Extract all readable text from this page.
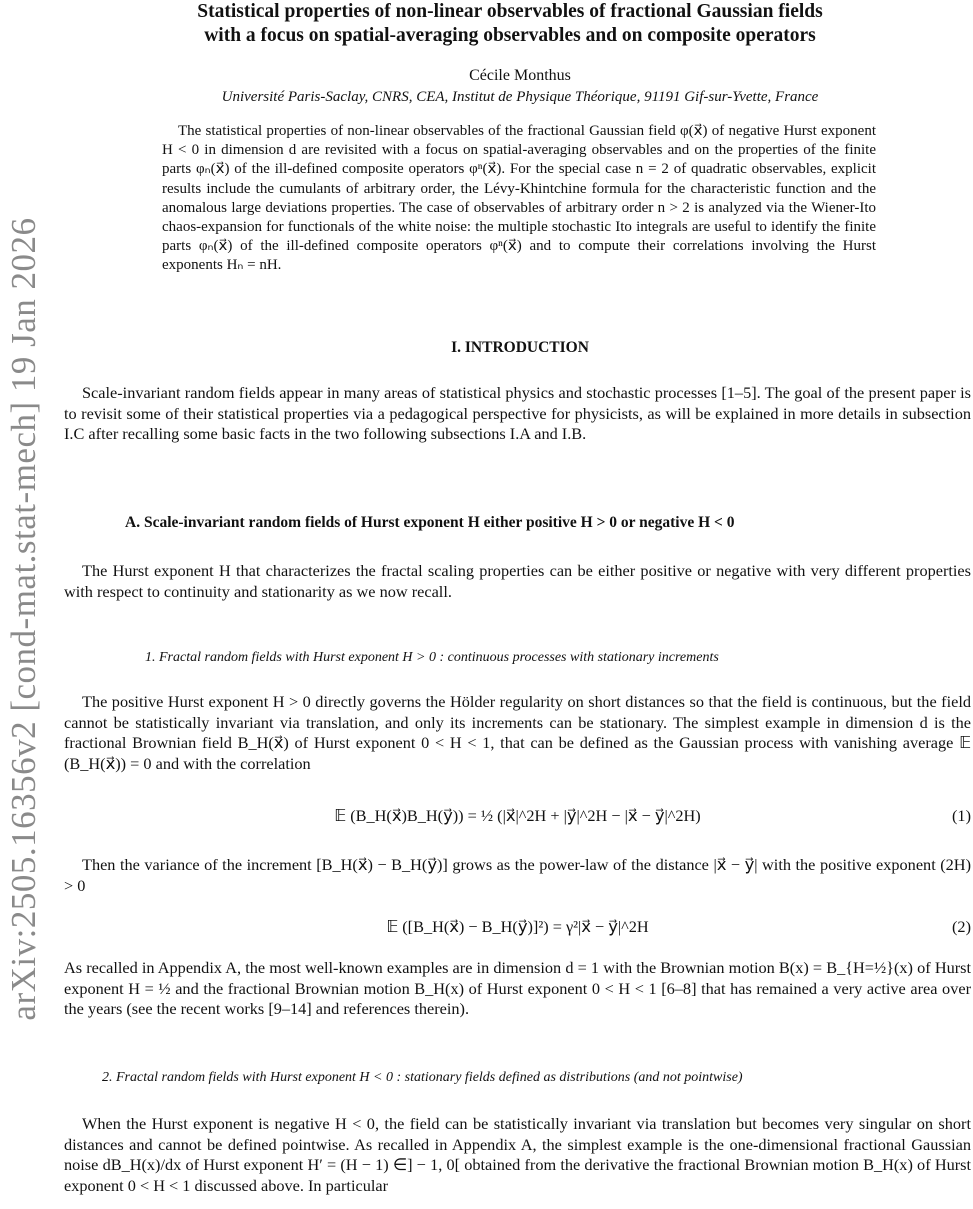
arXiv:2505.16356v2 [cond-mat.stat-mech] 19 Jan 2026
Statistical properties of non-linear observables of fractional Gaussian fields
with a focus on spatial-averaging observables and on composite operators
Cécile Monthus
Université Paris-Saclay, CNRS, CEA, Institut de Physique Théorique, 91191 Gif-sur-Yvette, France

The statistical properties of non-linear observables of the fractional Gaussian field φ(x⃗) of negative Hurst exponent H < 0 in dimension d are revisited with a focus on spatial-averaging observables and on the properties of the finite parts φₙ(x⃗) of the ill-defined composite operators φⁿ(x⃗). For the special case n = 2 of quadratic observables, explicit results include the cumulants of arbitrary order, the Lévy-Khintchine formula for the characteristic function and the anomalous large deviations properties. The case of observables of arbitrary order n > 2 is analyzed via the Wiener-Ito chaos-expansion for functionals of the white noise: the multiple stochastic Ito integrals are useful to identify the finite parts φₙ(x⃗) of the ill-defined composite operators φⁿ(x⃗) and to compute their correlations involving the Hurst exponents Hₙ = nH.

I. INTRODUCTION

Scale-invariant random fields appear in many areas of statistical physics and stochastic processes [1–5]. The goal of the present paper is to revisit some of their statistical properties via a pedagogical perspective for physicists, as will be explained in more details in subsection I.C after recalling some basic facts in the two following subsections I.A and I.B.

A. Scale-invariant random fields of Hurst exponent H either positive H > 0 or negative H < 0

The Hurst exponent H that characterizes the fractal scaling properties can be either positive or negative with very different properties with respect to continuity and stationarity as we now recall.

1. Fractal random fields with Hurst exponent H > 0 : continuous processes with stationary increments

The positive Hurst exponent H > 0 directly governs the Hölder regularity on short distances so that the field is continuous, but the field cannot be statistically invariant via translation, and only its increments can be stationary. The simplest example in dimension d is the fractional Brownian field B_H(x⃗) of Hurst exponent 0 < H < 1, that can be defined as the Gaussian process with vanishing average 𝔼 (B_H(x⃗)) = 0 and with the correlation

𝔼 (B_H(x⃗)B_H(y⃗)) = ½ (|x⃗|^2H + |y⃗|^2H − |x⃗ − y⃗|^2H)	(1)

Then the variance of the increment [B_H(x⃗) − B_H(y⃗)] grows as the power-law of the distance |x⃗ − y⃗| with the positive exponent (2H) > 0

𝔼 ([B_H(x⃗) − B_H(y⃗)]²) = γ²|x⃗ − y⃗|^2H	(2)

As recalled in Appendix A, the most well-known examples are in dimension d = 1 with the Brownian motion B(x) = B_{H=½}(x) of Hurst exponent H = ½ and the fractional Brownian motion B_H(x) of Hurst exponent 0 < H < 1 [6–8] that has remained a very active area over the years (see the recent works [9–14] and references therein).

2. Fractal random fields with Hurst exponent H < 0 : stationary fields defined as distributions (and not pointwise)

When the Hurst exponent is negative H < 0, the field can be statistically invariant via translation but becomes very singular on short distances and cannot be defined pointwise. As recalled in Appendix A, the simplest example is the one-dimensional fractional Gaussian noise dB_H(x)/dx of Hurst exponent H′ = (H − 1) ∈] − 1, 0[ obtained from the derivative the fractional Brownian motion B_H(x) of Hurst exponent 0 < H < 1 discussed above. In particular
